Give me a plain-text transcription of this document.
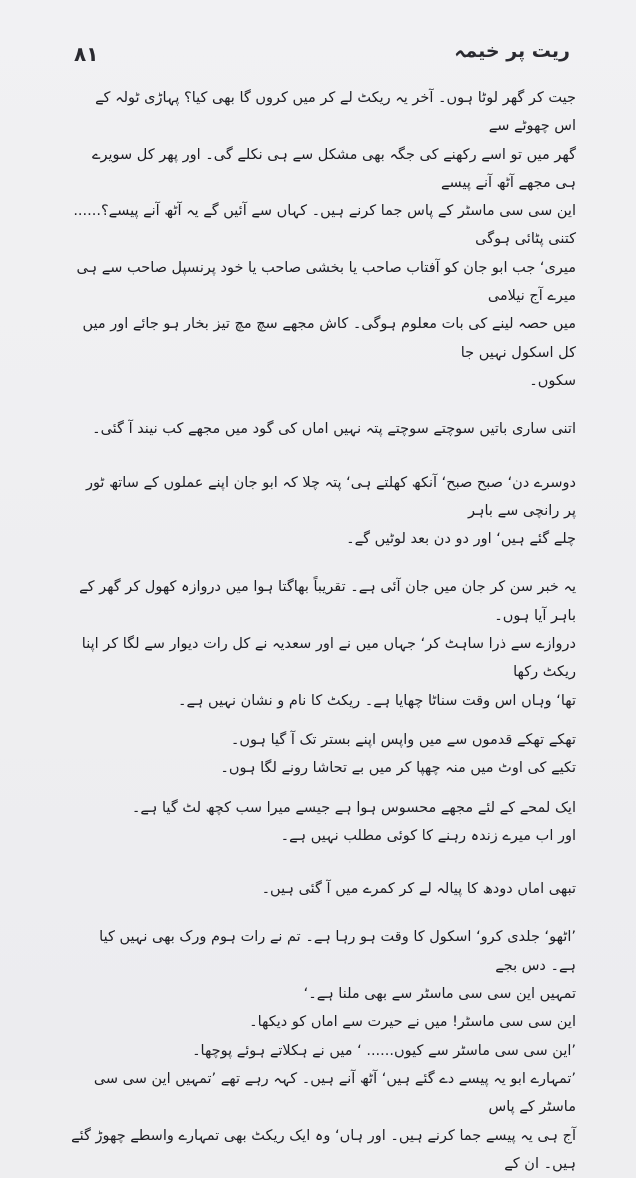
۸۱	ریت پر خیمہ

جیت کر گھر لوٹا ہوں۔ آخر یہ ریکٹ لے کر میں کروں گا بھی کیا؟ پہاڑی ٹولہ کے اس چھوٹے سے

گھر میں تو اسے رکھنے کی جگہ بھی مشکل سے ہی نکلے گی۔ اور پھر کل سویرے ہی مجھے آٹھ آنے پیسے

این سی سی ماسٹر کے پاس جما کرنے ہیں۔ کہاں سے آئیں گے یہ آٹھ آنے پیسے؟...... کتنی پٹائی ہوگی

میری‘ جب ابو جان کو آفتاب صاحب یا بخشی صاحب یا خود پرنسپل صاحب سے ہی میرے آج نیلامی

میں حصہ لینے کی بات معلوم ہوگی۔ کاش مجھے سچ مچ تیز بخار ہو جائے اور میں کل اسکول نہیں جا

سکوں۔

اتنی ساری باتیں سوچتے سوچتے پتہ نہیں اماں کی گود میں مجھے کب نیند آ گئی۔

دوسرے دن‘ صبح صبح‘ آنکھ کھلتے ہی‘ پتہ چلا کہ ابو جان اپنے عملوں کے ساتھ ٹور پر رانچی سے باہر

چلے گئے ہیں‘ اور دو دن بعد لوٹیں گے۔

یہ خبر سن کر جان میں جان آئی ہے۔ تقریباً بھاگتا ہوا میں دروازہ کھول کر گھر کے باہر آیا ہوں۔

دروازے سے ذرا ساہٹ کر‘ جہاں میں نے اور سعدیہ نے کل رات دیوار سے لگا کر اپنا ریکٹ رکھا

تھا‘ وہاں اس وقت سناٹا چھایا ہے۔ ریکٹ کا نام و نشان نہیں ہے۔

تھکے تھکے قدموں سے میں واپس اپنے بستر تک آ گیا ہوں۔

تکیے کی اوٹ میں منہ چھپا کر میں بے تحاشا رونے لگا ہوں۔

ایک لمحے کے لئے مجھے محسوس ہوا ہے جیسے میرا سب کچھ لٹ گیا ہے۔

اور اب میرے زندہ رہنے کا کوئی مطلب نہیں ہے۔

تبھی اماں دودھ کا پیالہ لے کر کمرے میں آ گئی ہیں۔

’اٹھو‘ جلدی کرو‘ اسکول کا وقت ہو رہا ہے۔ تم نے رات ہوم ورک بھی نہیں کیا ہے۔ دس بجے

تمہیں این سی سی ماسٹر سے بھی ملنا ہے۔‘

این سی سی ماسٹر! میں نے حیرت سے اماں کو دیکھا۔

’این سی سی ماسٹر سے کیوں...... ‘ میں نے ہکلاتے ہوئے پوچھا۔

’تمہارے ابو یہ پیسے دے گئے ہیں‘ آٹھ آنے ہیں۔ کہہ رہے تھے ’تمہیں این سی سی ماسٹر کے پاس

آج ہی یہ پیسے جما کرنے ہیں۔ اور ہاں‘ وہ ایک ریکٹ بھی تمہارے واسطے چھوڑ گئے ہیں۔ ان کے
